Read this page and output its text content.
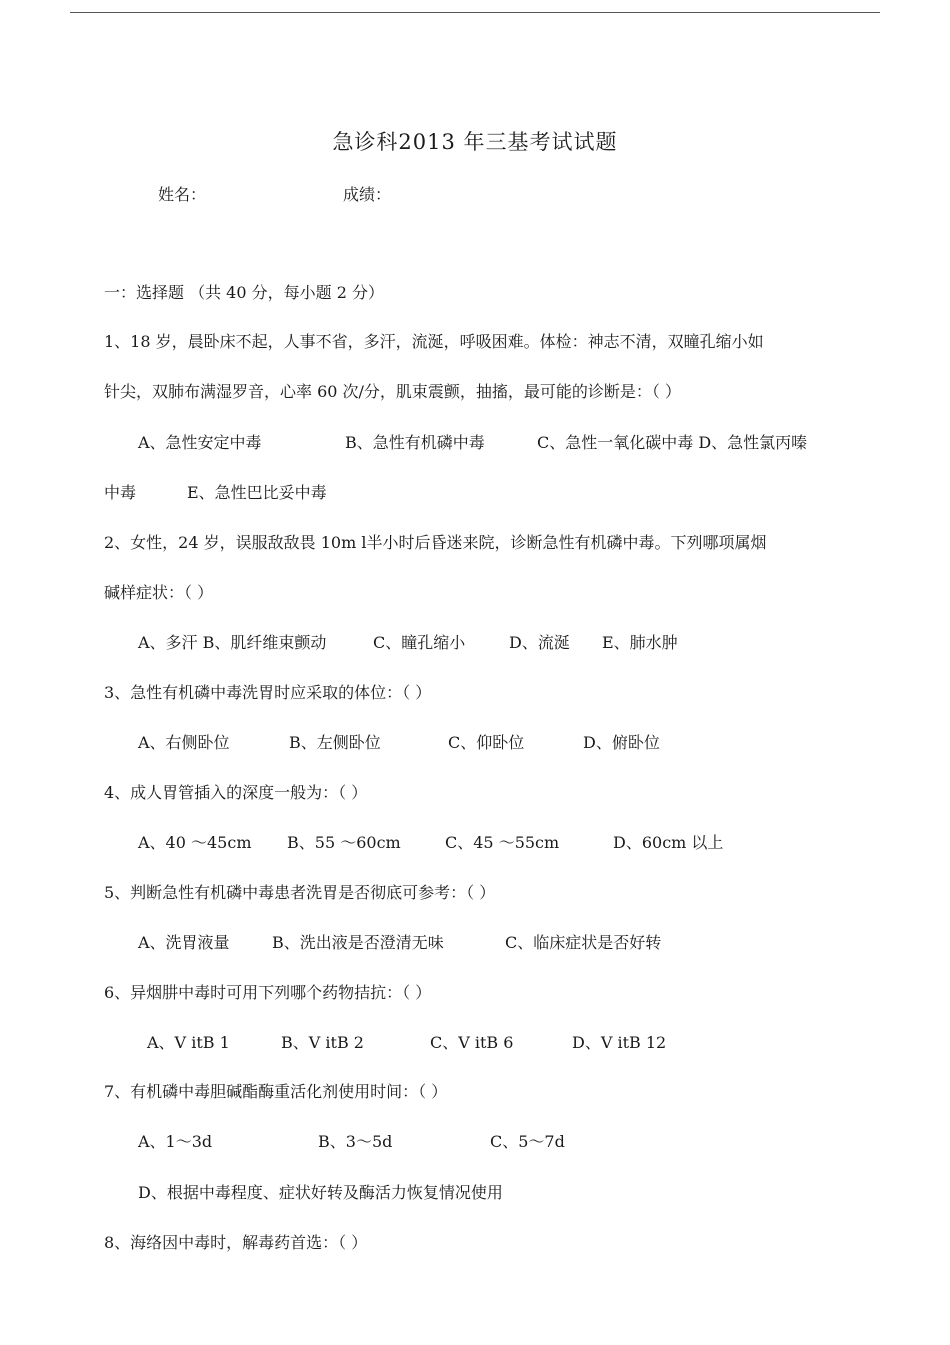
急诊科2013 年三基考试试题
姓名：	成绩：
一：选择题 （共 40 分，每小题 2 分）
1、18 岁，晨卧床不起，人事不省，多汗，流涎，呼吸困难。体检：神志不清，双瞳孔缩小如
针尖，双肺布满湿罗音，心率 60 次/分，肌束震颤，抽搐，最可能的诊断是：（ ）
A、急性安定中毒	B、急性有机磷中毒	C、急性一氧化碳中毒 D、急性氯丙嗪
中毒	E、急性巴比妥中毒
2、女性，24 岁，误服敌敌畏 10m l半小时后昏迷来院，诊断急性有机磷中毒。下列哪项属烟
碱样症状：（ ）
A、多汗 B、肌纤维束颤动	C、瞳孔缩小	D、流涎 E、肺水肿
3、急性有机磷中毒洗胃时应采取的体位：（ ）
A、右侧卧位	B、左侧卧位	C、仰卧位	D、俯卧位
4、成人胃管插入的深度一般为：（ ）
A、40 ～45cm B、55 ～60cm	C、45 ～55cm	D、60cm 以上
5、判断急性有机磷中毒患者洗胃是否彻底可参考：（ ）
A、洗胃液量	B、洗出液是否澄清无味	C、临床症状是否好转
6、异烟肼中毒时可用下列哪个药物拮抗：（ ）
A、V itB 1	B、V itB 2	C、V itB 6	D、V itB 12
7、有机磷中毒胆碱酯酶重活化剂使用时间：（ ）
A、1～3d	B、3～5d	C、5～7d
D、根据中毒程度、症状好转及酶活力恢复情况使用
8、海络因中毒时，解毒药首选：（ ）
